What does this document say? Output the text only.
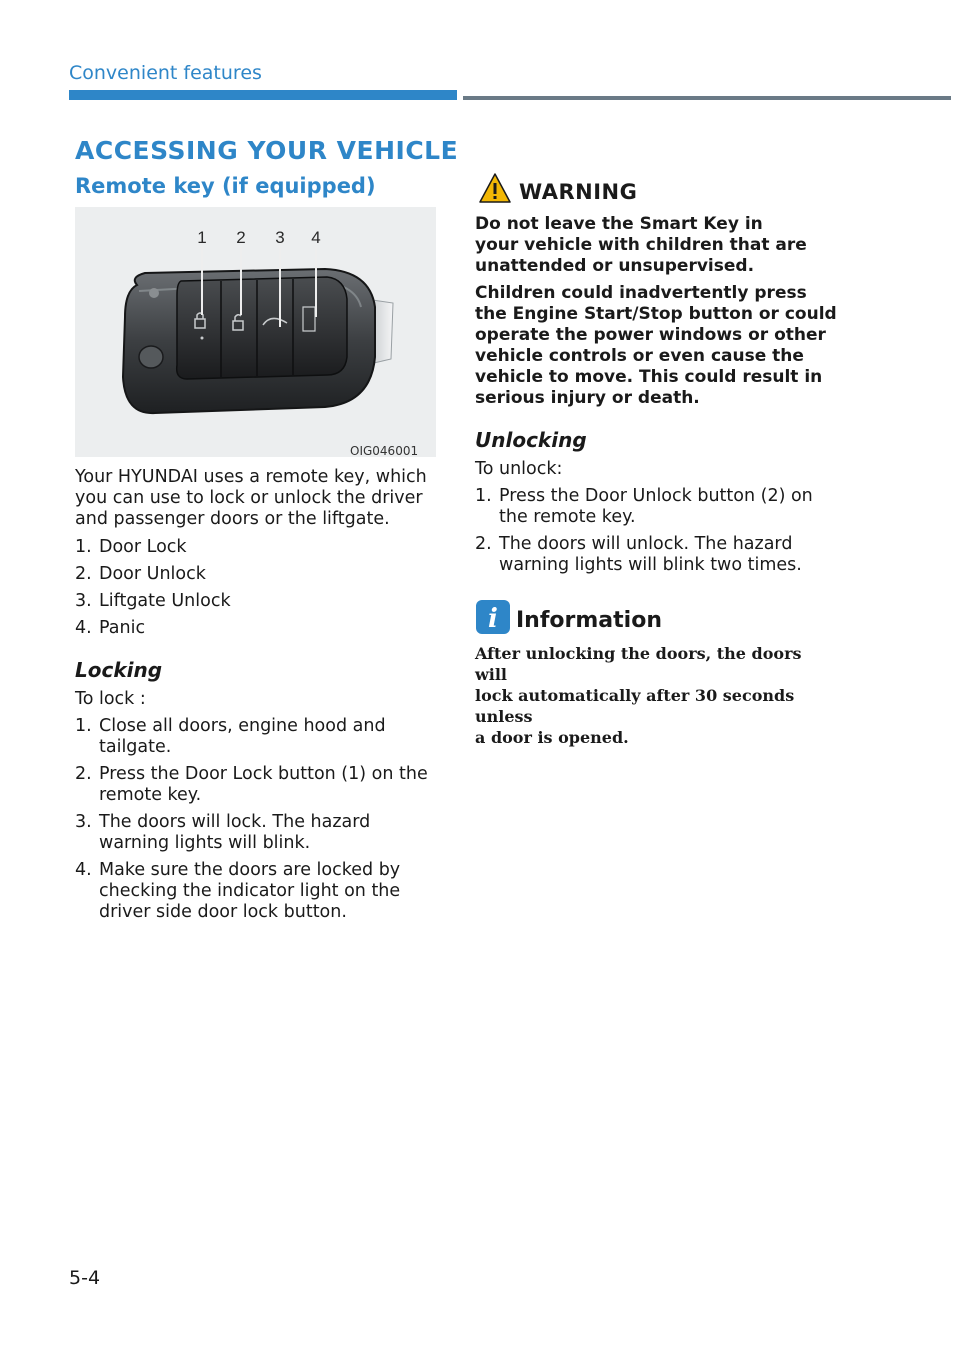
Convenient features
ACCESSING YOUR VEHICLE
Remote key (if equipped)
1 2 3 4
OIG046001
Your HYUNDAI uses a remote key, which
you can use to lock or unlock the driver
and passenger doors or the liftgate.
1. Door Lock
2. Door Unlock
3. Liftgate Unlock
4. Panic
Locking
To lock :
1. Close all doors, engine hood and
tailgate.
2. Press the Door Lock button (1) on the
remote key.
3. The doors will lock. The hazard
warning lights will blink.
4. Make sure the doors are locked by
checking the indicator light on the
driver side door lock button.
WARNING
Do not leave the Smart Key in
your vehicle with children that are
unattended or unsupervised.
Children could inadvertently press
the Engine Start/Stop button or could
operate the power windows or other
vehicle controls or even cause the
vehicle to move. This could result in
serious injury or death.
Unlocking
To unlock:
1. Press the Door Unlock button (2) on
the remote key.
2. The doors will unlock. The hazard
warning lights will blink two times.
i Information
After unlocking the doors, the doors will
lock automatically after 30 seconds unless
a door is opened.
5-4
